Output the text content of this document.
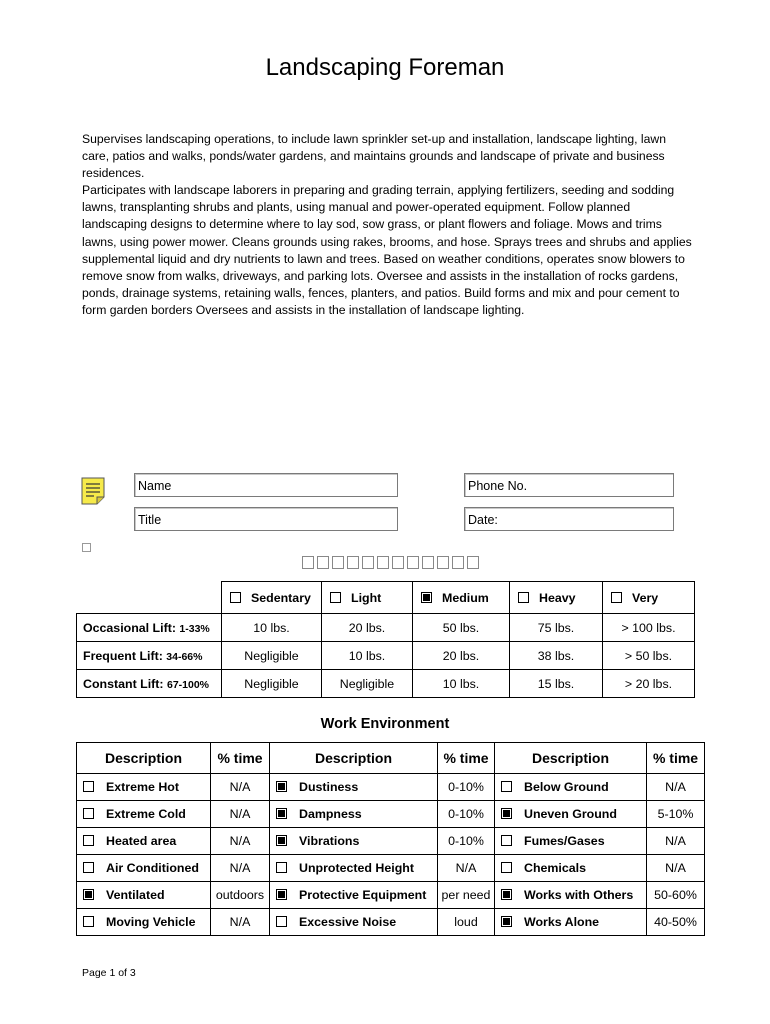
Landscaping Foreman

Supervises landscaping operations, to include lawn sprinkler set-up and installation, landscape lighting, lawn care, patios and walks, ponds/water gardens, and maintains grounds and landscape of private and business residences.

Participates with landscape laborers in preparing and grading terrain, applying fertilizers, seeding and sodding lawns, transplanting shrubs and plants, using manual and power-operated equipment. Follow planned landscaping designs to determine where to lay sod, sow grass, or plant flowers and foliage. Mows and trims lawns, using power mower. Cleans grounds using rakes, brooms, and hose. Sprays trees and shrubs and applies supplemental liquid and dry nutrients to lawn and trees. Based on weather conditions, operates snow blowers to remove snow from walks, driveways, and parking lots. Oversee and assists in the installation of rocks gardens, ponds, drainage systems, retaining walls, fences, planters, and patios. Build forms and mix and pour cement to form garden borders Oversees and assists in the installation of landscape lighting.

Name
Title
Phone No.
Date:
	Sedentary	Light	Medium	Heavy	Very
Occasional Lift: 1-33%	10 lbs.	20 lbs.	50 lbs.	75 lbs.	> 100 lbs.
Frequent Lift: 34-66%	Negligible	10 lbs.	20 lbs.	38 lbs.	> 50 lbs.
Constant Lift: 67-100%	Negligible	Negligible	10 lbs.	15 lbs.	> 20 lbs.
Work Environment
Description	% time	Description	% time	Description	% time
Extreme Hot	N/A	Dustiness	0-10%	Below Ground	N/A
Extreme Cold	N/A	Dampness	0-10%	Uneven Ground	5-10%
Heated area	N/A	Vibrations	0-10%	Fumes/Gases	N/A
Air Conditioned	N/A	Unprotected Height	N/A	Chemicals	N/A
Ventilated	outdoors	Protective Equipment	per need	Works with Others	50-60%
Moving Vehicle	N/A	Excessive Noise	loud	Works Alone	40-50%
Page 1 of 3
